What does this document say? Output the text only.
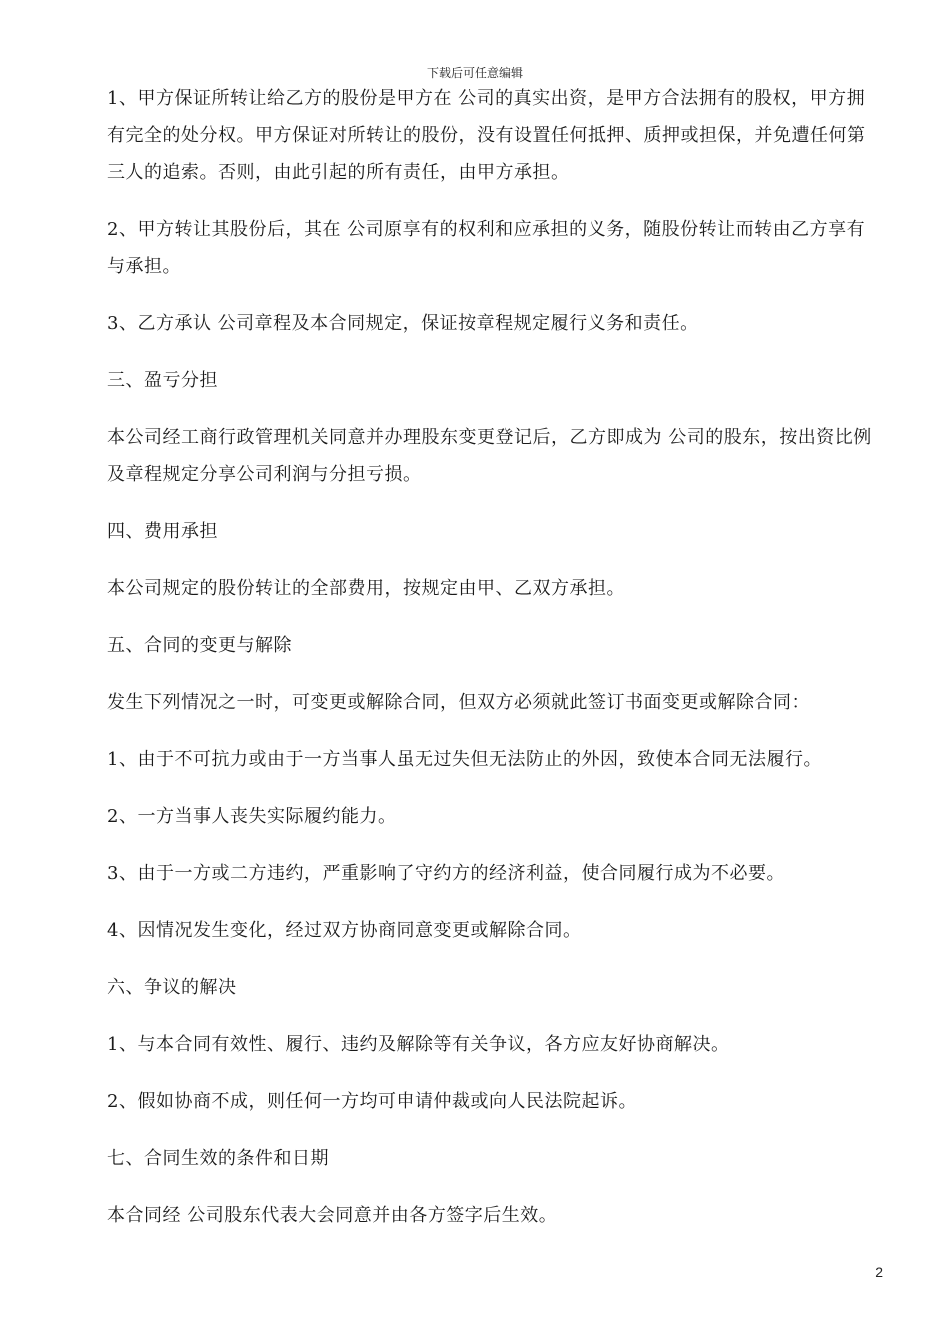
下载后可任意编辑

1、甲方保证所转让给乙方的股份是甲方在 公司的真实出资，是甲方合法拥有的股权，甲方拥有完全的处分权。甲方保证对所转让的股份，没有设置任何抵押、质押或担保，并免遭任何第三人的追索。否则，由此引起的所有责任，由甲方承担。

2、甲方转让其股份后，其在 公司原享有的权利和应承担的义务，随股份转让而转由乙方享有与承担。

3、乙方承认 公司章程及本合同规定，保证按章程规定履行义务和责任。

三、盈亏分担

本公司经工商行政管理机关同意并办理股东变更登记后，乙方即成为 公司的股东，按出资比例及章程规定分享公司利润与分担亏损。

四、费用承担

本公司规定的股份转让的全部费用，按规定由甲、乙双方承担。

五、合同的变更与解除

发生下列情况之一时，可变更或解除合同，但双方必须就此签订书面变更或解除合同：

1、由于不可抗力或由于一方当事人虽无过失但无法防止的外因，致使本合同无法履行。

2、一方当事人丧失实际履约能力。

3、由于一方或二方违约，严重影响了守约方的经济利益，使合同履行成为不必要。

4、因情况发生变化，经过双方协商同意变更或解除合同。

六、争议的解决

1、与本合同有效性、履行、违约及解除等有关争议，各方应友好协商解决。

2、假如协商不成，则任何一方均可申请仲裁或向人民法院起诉。

七、合同生效的条件和日期

本合同经 公司股东代表大会同意并由各方签字后生效。

2
